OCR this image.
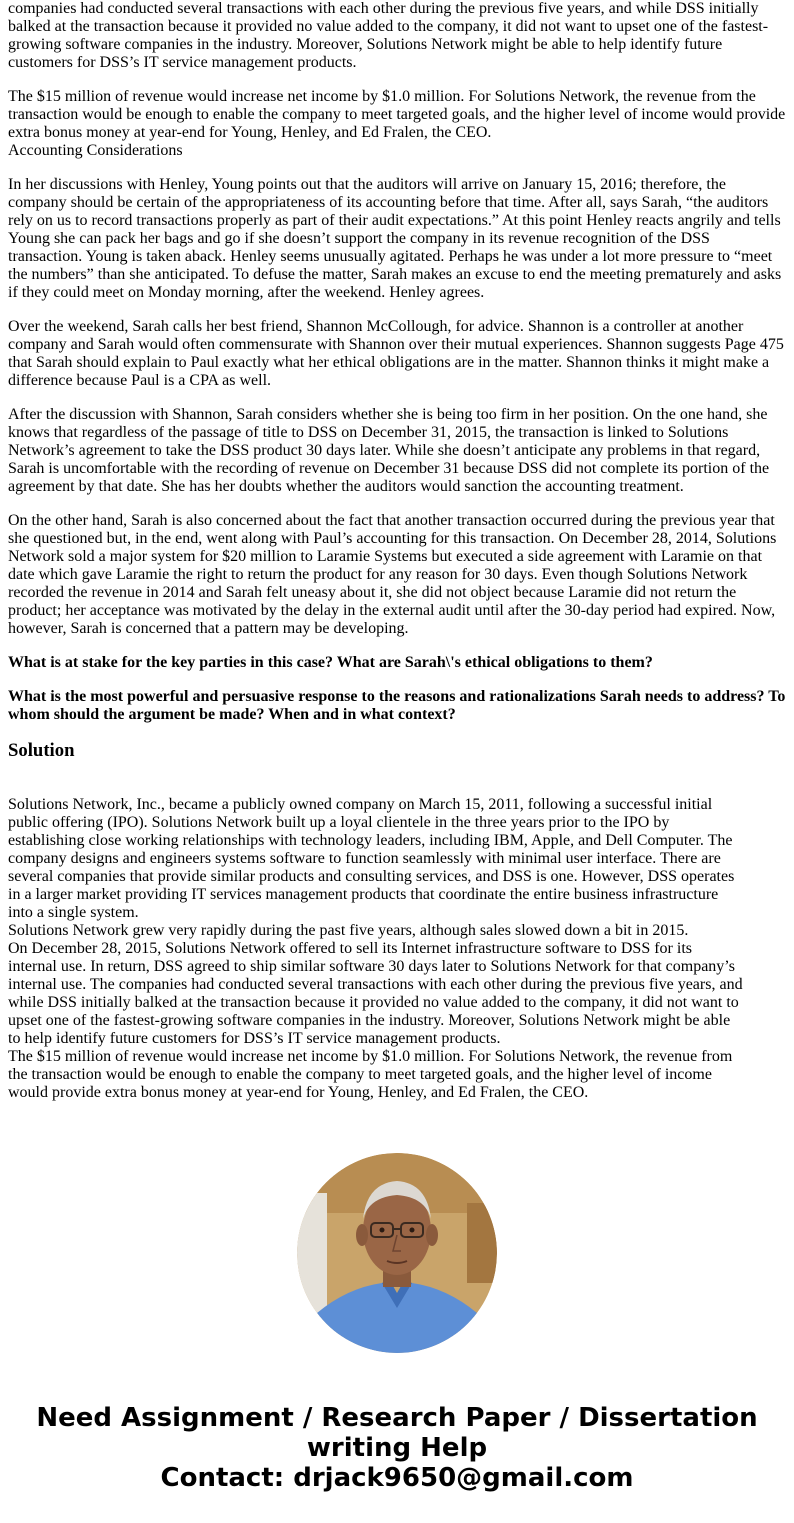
companies had conducted several transactions with each other during the previous five years, and while DSS initially balked at the transaction because it provided no value added to the company, it did not want to upset one of the fastest-growing software companies in the industry. Moreover, Solutions Network might be able to help identify future customers for DSS’s IT service management products.

The $15 million of revenue would increase net income by $1.0 million. For Solutions Network, the revenue from the transaction would be enough to enable the company to meet targeted goals, and the higher level of income would provide extra bonus money at year-end for Young, Henley, and Ed Fralen, the CEO.
Accounting Considerations

In her discussions with Henley, Young points out that the auditors will arrive on January 15, 2016; therefore, the company should be certain of the appropriateness of its accounting before that time. After all, says Sarah, “the auditors rely on us to record transactions properly as part of their audit expectations.” At this point Henley reacts angrily and tells Young she can pack her bags and go if she doesn’t support the company in its revenue recognition of the DSS transaction. Young is taken aback. Henley seems unusually agitated. Perhaps he was under a lot more pressure to “meet the numbers” than she anticipated. To defuse the matter, Sarah makes an excuse to end the meeting prematurely and asks if they could meet on Monday morning, after the weekend. Henley agrees.

Over the weekend, Sarah calls her best friend, Shannon McCollough, for advice. Shannon is a controller at another company and Sarah would often commensurate with Shannon over their mutual experiences. Shannon suggests Page 475 that Sarah should explain to Paul exactly what her ethical obligations are in the matter. Shannon thinks it might make a difference because Paul is a CPA as well.

After the discussion with Shannon, Sarah considers whether she is being too firm in her position. On the one hand, she knows that regardless of the passage of title to DSS on December 31, 2015, the transaction is linked to Solutions Network’s agreement to take the DSS product 30 days later. While she doesn’t anticipate any problems in that regard, Sarah is uncomfortable with the recording of revenue on December 31 because DSS did not complete its portion of the agreement by that date. She has her doubts whether the auditors would sanction the accounting treatment.

On the other hand, Sarah is also concerned about the fact that another transaction occurred during the previous year that she questioned but, in the end, went along with Paul’s accounting for this transaction. On December 28, 2014, Solutions Network sold a major system for $20 million to Laramie Systems but executed a side agreement with Laramie on that date which gave Laramie the right to return the product for any reason for 30 days. Even though Solutions Network recorded the revenue in 2014 and Sarah felt uneasy about it, she did not object because Laramie did not return the product; her acceptance was motivated by the delay in the external audit until after the 30-day period had expired. Now, however, Sarah is concerned that a pattern may be developing.

What is at stake for the key parties in this case? What are Sarah\'s ethical obligations to them?

What is the most powerful and persuasive response to the reasons and rationalizations Sarah needs to address? To whom should the argument be made? When and in what context?

Solution
Solutions Network, Inc., became a publicly owned company on March 15, 2011, following a successful initial
public offering (IPO). Solutions Network built up a loyal clientele in the three years prior to the IPO by
establishing close working relationships with technology leaders, including IBM, Apple, and Dell Computer. The
company designs and engineers systems software to function seamlessly with minimal user interface. There are
several companies that provide similar products and consulting services, and DSS is one. However, DSS operates
in a larger market providing IT services management products that coordinate the entire business infrastructure
into a single system.
Solutions Network grew very rapidly during the past five years, although sales slowed down a bit in 2015.
On December 28, 2015, Solutions Network offered to sell its Internet infrastructure software to DSS for its
internal use. In return, DSS agreed to ship similar software 30 days later to Solutions Network for that company’s
internal use. The companies had conducted several transactions with each other during the previous five years, and
while DSS initially balked at the transaction because it provided no value added to the company, it did not want to
upset one of the fastest-growing software companies in the industry. Moreover, Solutions Network might be able
to help identify future customers for DSS’s IT service management products.
The $15 million of revenue would increase net income by $1.0 million. For Solutions Network, the revenue from
the transaction would be enough to enable the company to meet targeted goals, and the higher level of income
would provide extra bonus money at year-end for Young, Henley, and Ed Fralen, the CEO.
Need Assignment / Research Paper / Dissertation
writing Help
Contact: drjack9650@gmail.com
